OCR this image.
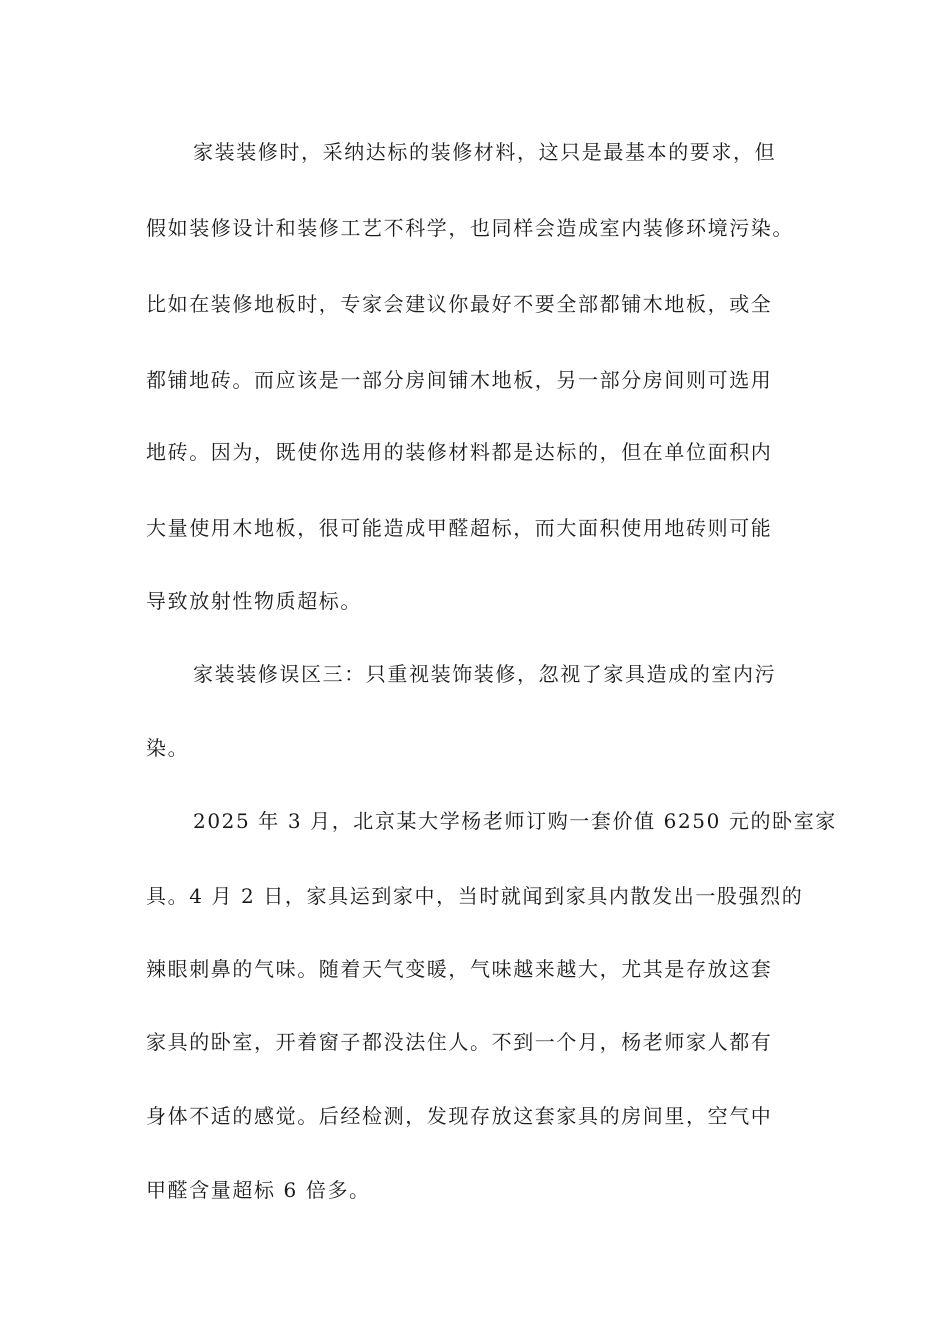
家装装修时，采纳达标的装修材料，这只是最基本的要求，但
假如装修设计和装修工艺不科学，也同样会造成室内装修环境污染。
比如在装修地板时，专家会建议你最好不要全部都铺木地板，或全
都铺地砖。而应该是一部分房间铺木地板，另一部分房间则可选用
地砖。因为，既使你选用的装修材料都是达标的，但在单位面积内
大量使用木地板，很可能造成甲醛超标，而大面积使用地砖则可能
导致放射性物质超标。
家装装修误区三：只重视装饰装修，忽视了家具造成的室内污
染。
2025 年 3 月，北京某大学杨老师订购一套价值 6250 元的卧室家
具。4 月 2 日，家具运到家中，当时就闻到家具内散发出一股强烈的
辣眼刺鼻的气味。随着天气变暖，气味越来越大，尤其是存放这套
家具的卧室，开着窗子都没法住人。不到一个月，杨老师家人都有
身体不适的感觉。后经检测，发现存放这套家具的房间里，空气中
甲醛含量超标 6 倍多。
